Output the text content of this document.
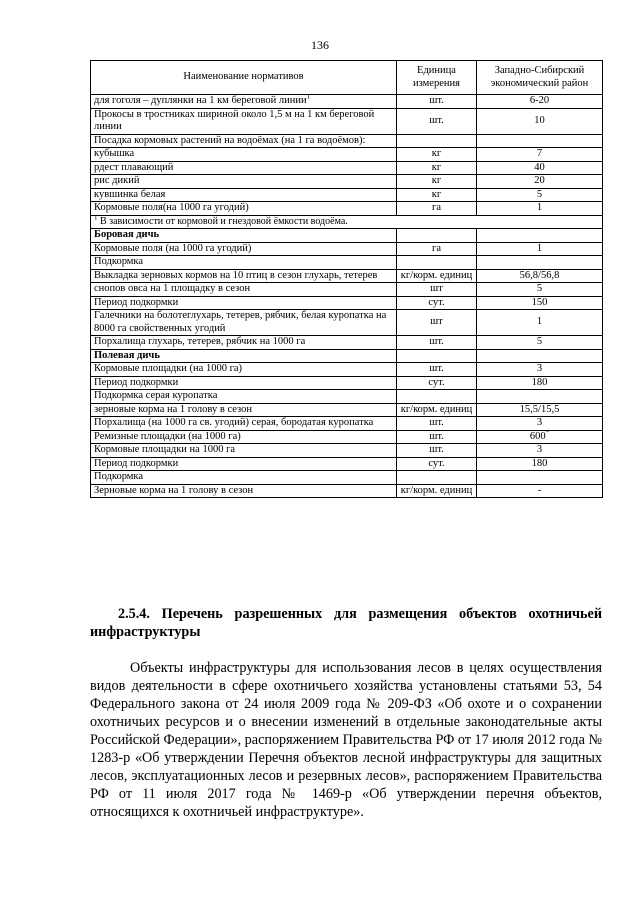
136
Наименование нормативов	Единица измерения	Западно-Сибирский экономический район
для гоголя – дуплянки на 1 км береговой линии$^1$	шт.	6-20
Прокосы в тростниках шириной около 1,5 м на 1 км береговой линии	шт.	10
Посадка кормовых растений на водоёмах (на 1 га водоёмов):		
кубышка	кг	7
рдест плавающий	кг	40
рис дикий	кг	20
кувшинка белая	кг	5
Кормовые поля(на 1000 га угодий)	га	1
$^1$ В зависимости от кормовой и гнездовой ёмкости водоёма.		
Боровая дичь		
Кормовые поля (на 1000 га угодий)	га	1
Подкормка		
Выкладка зерновых кормов на 10 птиц в сезон глухарь, тетерев	кг/корм. единиц	56,8/56,8
снопов овса на 1 площадку в сезон	шт	5
Период подкормки	сут.	150
Галечники на болотеглухарь, тетерев, рябчик, белая куропатка на 8000 га свойственных угодий	шт	1
Порхалища глухарь, тетерев, рябчик на 1000 га	шт.	5
Полевая дичь		
Кормовые площадки (на 1000 га)	шт.	3
Период подкормки	сут.	180
Подкормка серая куропатка		
зерновые корма на 1 голову в сезон	кг/корм. единиц	15,5/15,5
Порхалища (на 1000 га св. угодий) серая, бородатая куропатка	шт.	3
Ремизные площадки (на 1000 га)	шт.	600*
Кормовые площадки на 1000 га	шт.	3
Период подкормки	сут.	180
Подкормка		
Зерновые корма на 1 голову в сезон	кг/корм. единиц	-
2.5.4. Перечень разрешенных для размещения объектов охотничьей инфраструктуры

Объекты инфраструктуры для использования лесов в целях осуществления видов деятельности в сфере охотничьего хозяйства установлены статьями 53, 54 Федерального закона от 24 июля 2009 года № 209-ФЗ «Об охоте и о сохранении охотничьих ресурсов и о внесении изменений в отдельные законодательные акты Российской Федерации», распоряжением Правительства РФ от 17 июля 2012 года № 1283-р «Об утверждении Перечня объектов лесной инфраструктуры для защитных лесов, эксплуатационных лесов и резервных лесов», распоряжением Правительства РФ от 11 июля 2017 года № 1469-р «Об утверждении перечня объектов, относящихся к охотничьей инфраструктуре».
